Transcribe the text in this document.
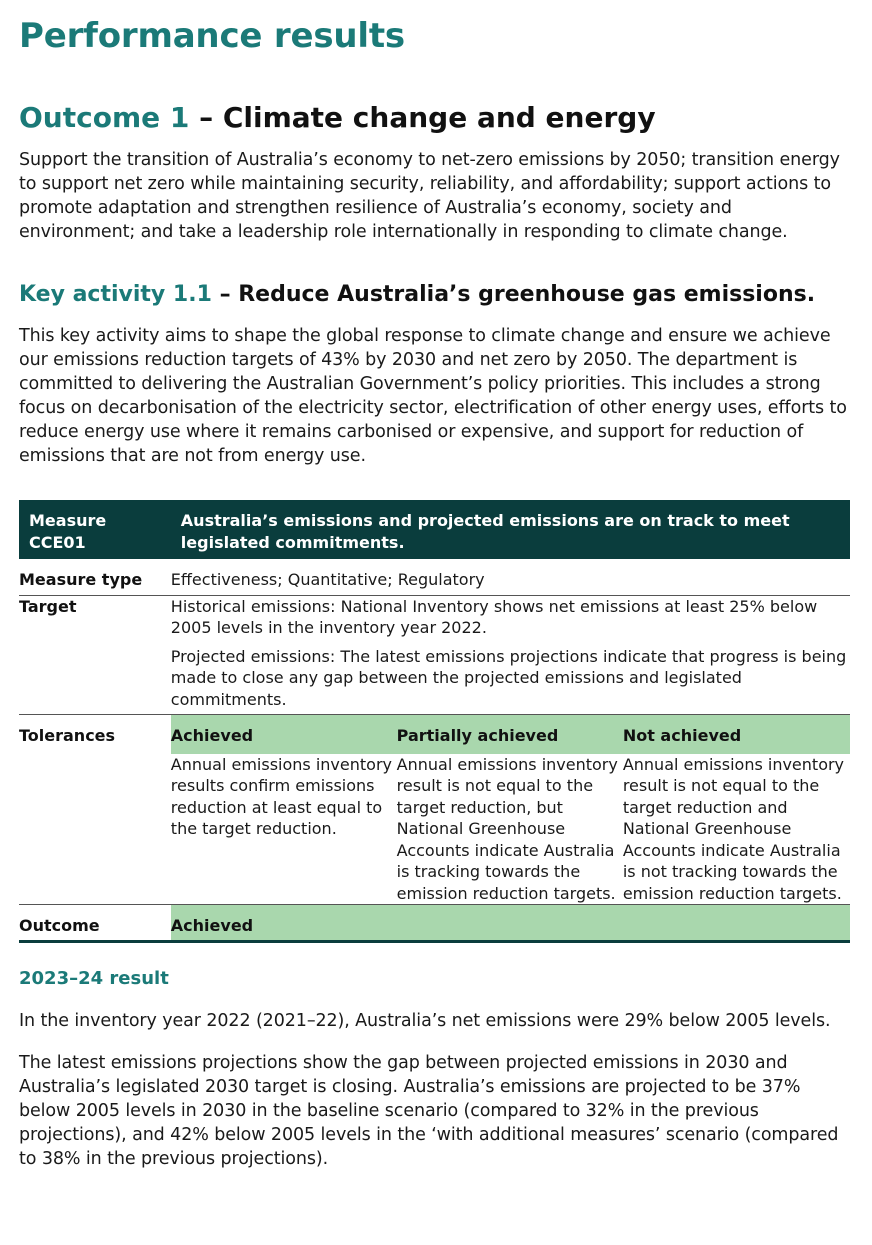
Performance results
Outcome 1 – Climate change and energy

Support the transition of Australia’s economy to net-zero emissions by 2050; transition energy to support net zero while maintaining security, reliability, and affordability; support actions to promote adaptation and strengthen resilience of Australia’s economy, society and environment; and take a leadership role internationally in responding to climate change.

Key activity 1.1 – Reduce Australia’s greenhouse gas emissions.

This key activity aims to shape the global response to climate change and ensure we achieve our emissions reduction targets of 43% by 2030 and net zero by 2050. The department is committed to delivering the Australian Government’s policy priorities. This includes a strong focus on decarbonisation of the electricity sector, electrification of other energy uses, efforts to reduce energy use where it remains carbonised or expensive, and support for reduction of emissions that are not from energy use.

Measure CCE01	Australia’s emissions and projected emissions are on track to meet legislated commitments.		
Measure type	Effectiveness; Quantitative; Regulatory		
Target	Historical emissions: National Inventory shows net emissions at least 25% below 2005 levels in the inventory year 2022.
Projected emissions: The latest emissions projections indicate that progress is being made to close any gap between the projected emissions and legislated commitments.		

Tolerances	Achieved	Partially achieved	Not achieved
	Annual emissions inventory results confirm emissions reduction at least equal to the target reduction.	Annual emissions inventory result is not equal to the target reduction, but National Greenhouse Accounts indicate Australia is tracking towards the emission reduction targets.	Annual emissions inventory result is not equal to the target reduction and National Greenhouse Accounts indicate Australia is not tracking towards the emission reduction targets.
Outcome	Achieved		
2023–24 result

In the inventory year 2022 (2021–22), Australia’s net emissions were 29% below 2005 levels.

The latest emissions projections show the gap between projected emissions in 2030 and Australia’s legislated 2030 target is closing. Australia’s emissions are projected to be 37% below 2005 levels in 2030 in the baseline scenario (compared to 32% in the previous projections), and 42% below 2005 levels in the ‘with additional measures’ scenario (compared to 38% in the previous projections).
